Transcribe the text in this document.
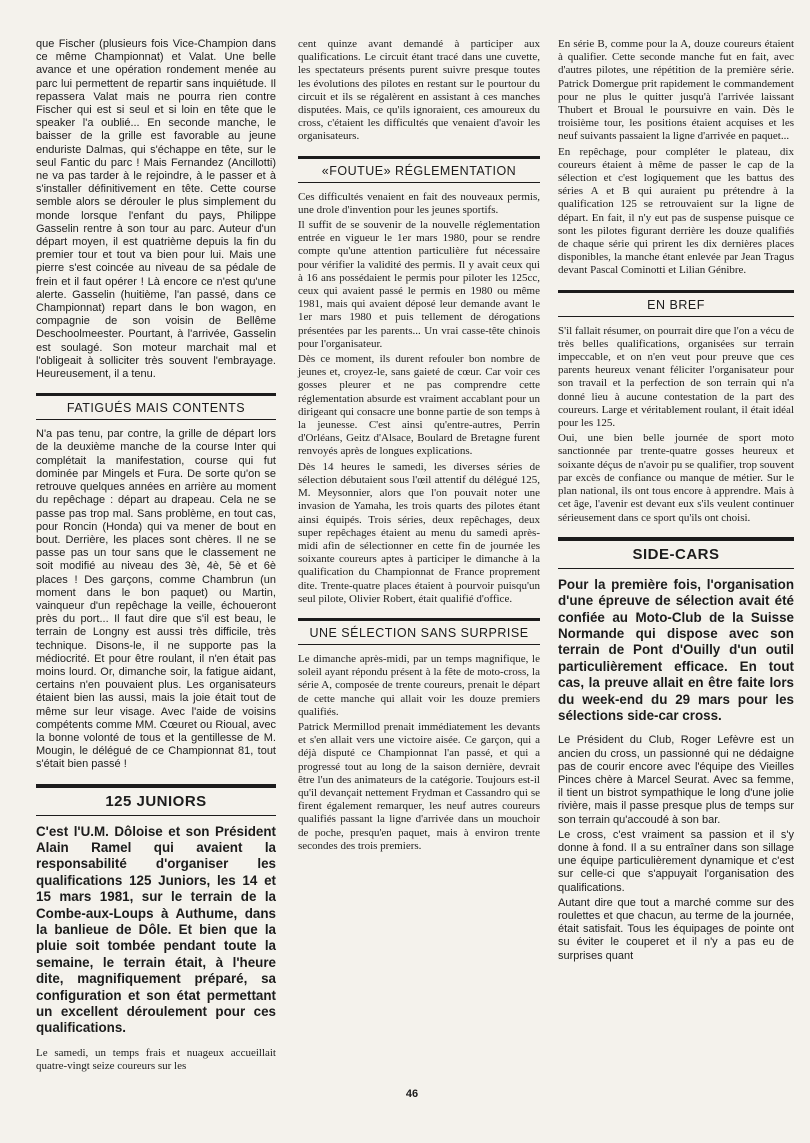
que Fischer (plusieurs fois Vice-Champion dans ce même Championnat) et Valat. Une belle avance et une opération rondement menée au parc lui permettent de repartir sans inquiétude. Il repassera Valat mais ne pourra rien contre Fischer qui est si seul et si loin en tête que le speaker l'a oublié... En seconde manche, le baisser de la grille est favorable au jeune enduriste Dalmas, qui s'échappe en tête, sur le seul Fantic du parc ! Mais Fernandez (Ancillotti) ne va pas tarder à le rejoindre, à le passer et à s'installer définitivement en tête. Cette course semble alors se dérouler le plus simplement du monde lorsque l'enfant du pays, Philippe Gasselin rentre à son tour au parc. Auteur d'un départ moyen, il est quatrième depuis la fin du premier tour et tout va bien pour lui. Mais une pierre s'est coincée au niveau de sa pédale de frein et il faut opérer ! Là encore ce n'est qu'une alerte. Gasselin (huitième, l'an passé, dans ce Championnat) repart dans le bon wagon, en compagnie de son voisin de Bellême Deschoolmeester. Pourtant, à l'arrivée, Gasselin est soulagé. Son moteur marchait mal et l'obligeait à solliciter très souvent l'embrayage. Heureusement, il a tenu.

FATIGUÉS MAIS CONTENTS

N'a pas tenu, par contre, la grille de départ lors de la deuxième manche de la course Inter qui complétait la manifestation, course qui fut dominée par Mingels et Fura. De sorte qu'on se retrouve quelques années en arrière au moment du repêchage : départ au drapeau. Cela ne se passe pas trop mal. Sans problème, en tout cas, pour Roncin (Honda) qui va mener de bout en bout. Derrière, les places sont chères. Il ne se passe pas un tour sans que le classement ne soit modifié au niveau des 3è, 4è, 5è et 6è places ! Des garçons, comme Chambrun (un moment dans le bon paquet) ou Martin, vainqueur d'un repêchage la veille, échoueront près du port... Il faut dire que s'il est beau, le terrain de Longny est aussi très difficile, très technique. Disons-le, il ne supporte pas la médiocrité. Et pour être roulant, il n'en était pas moins lourd. Or, dimanche soir, la fatigue aidant, certains n'en pouvaient plus. Les organisateurs étaient bien las aussi, mais la joie était tout de même sur leur visage. Avec l'aide de voisins compétents comme MM. Cœuret ou Rioual, avec la bonne volonté de tous et la gentillesse de M. Mougin, le délégué de ce Championnat 81, tout s'était bien passé !

125 JUNIORS
C'est l'U.M. Dôloise et son Président Alain Ramel qui avaient la responsabilité d'organiser les qualifications 125 Juniors, les 14 et 15 mars 1981, sur le terrain de la Combe-aux-Loups à Authume, dans la banlieue de Dôle. Et bien que la pluie soit tombée pendant toute la semaine, le terrain était, à l'heure dite, magnifiquement préparé, sa configuration et son état permettant un excellent déroulement pour ces qualifications.

Le samedi, un temps frais et nuageux accueillait quatre-vingt seize coureurs sur les

cent quinze avant demandé à participer aux qualifications. Le circuit étant tracé dans une cuvette, les spectateurs présents purent suivre presque toutes les évolutions des pilotes en restant sur le pourtour du circuit et ils se régalèrent en assistant à ces manches disputées. Mais, ce qu'ils ignoraient, ces amoureux du cross, c'étaient les difficultés que venaient d'avoir les organisateurs.

«FOUTUE» RÉGLEMENTATION

Ces difficultés venaient en fait des nouveaux permis, une drole d'invention pour les jeunes sportifs.

Il suffit de se souvenir de la nouvelle réglementation entrée en vigueur le 1er mars 1980, pour se rendre compte qu'une attention particulière fut nécessaire pour vérifier la validité des permis. Il y avait ceux qui à 16 ans possédaient le permis pour piloter les 125cc, ceux qui avaient passé le permis en 1980 ou même 1981, mais qui avaient déposé leur demande avant le 1er mars 1980 et puis tellement de dérogations présentées par les parents... Un vrai casse-tête chinois pour l'organisateur.

Dès ce moment, ils durent refouler bon nombre de jeunes et, croyez-le, sans gaieté de cœur. Car voir ces gosses pleurer et ne pas comprendre cette réglementation absurde est vraiment accablant pour un dirigeant qui consacre une bonne partie de son temps à la jeunesse. C'est ainsi qu'entre-autres, Perrin d'Orléans, Geitz d'Alsace, Boulard de Bretagne furent renvoyés après de longues explications.

Dès 14 heures le samedi, les diverses séries de sélection débutaient sous l'œil attentif du délégué 125, M. Meysonnier, alors que l'on pouvait noter une invasion de Yamaha, les trois quarts des pilotes étant ainsi équipés. Trois séries, deux repêchages, deux super repêchages étaient au menu du samedi après-midi afin de sélectionner en cette fin de journée les soixante coureurs aptes à participer le dimanche à la qualification du Championnat de France proprement dite. Trente-quatre places étaient à pourvoir puisqu'un seul pilote, Olivier Robert, était qualifié d'office.

UNE SÉLECTION SANS SURPRISE

Le dimanche après-midi, par un temps magnifique, le soleil ayant répondu présent à la fête de moto-cross, la série A, composée de trente coureurs, prenait le départ de cette manche qui allait voir les douze premiers qualifiés.

Patrick Mermillod prenait immédiatement les devants et s'en allait vers une victoire aisée. Ce garçon, qui a déjà disputé ce Championnat l'an passé, et qui a progressé tout au long de la saison dernière, devrait être l'un des animateurs de la catégorie. Toujours est-il qu'il devançait nettement Frydman et Cassandro qui se firent également remarquer, les neuf autres coureurs qualifiés passant la ligne d'arrivée dans un mouchoir de poche, presqu'en paquet, mais à environ trente secondes des trois premiers.

En série B, comme pour la A, douze coureurs étaient à qualifier. Cette seconde manche fut en fait, avec d'autres pilotes, une répétition de la première série. Patrick Domergue prit rapidement le commandement pour ne plus le quitter jusqu'à l'arrivée laissant Thubert et Broual le poursuivre en vain. Dès le troisième tour, les positions étaient acquises et les neuf suivants passaient la ligne d'arrivée en paquet...

En repêchage, pour compléter le plateau, dix coureurs étaient à même de passer le cap de la sélection et c'est logiquement que les battus des séries A et B qui auraient pu prétendre à la qualification 125 se retrouvaient sur la ligne de départ. En fait, il n'y eut pas de suspense puisque ce sont les pilotes figurant derrière les douze qualifiés de chaque série qui prirent les dix dernières places disponibles, la manche étant enlevée par Jean Tragus devant Pascal Cominotti et Lilian Génibre.

EN BREF

S'il fallait résumer, on pourrait dire que l'on a vécu de très belles qualifications, organisées sur terrain impeccable, et on n'en veut pour preuve que ces parents heureux venant féliciter l'organisateur pour son travail et la perfection de son terrain qui n'a donné lieu à aucune contestation de la part des coureurs. Large et véritablement roulant, il était idéal pour les 125.

Oui, une bien belle journée de sport moto sanctionnée par trente-quatre gosses heureux et soixante déçus de n'avoir pu se qualifier, trop souvent par excès de confiance ou manque de métier. Sur le plan national, ils ont tous encore à apprendre. Mais à cet âge, l'avenir est devant eux s'ils veulent continuer sérieusement dans ce sport qu'ils ont choisi.

SIDE-CARS
Pour la première fois, l'organisation d'une épreuve de sélection avait été confiée au Moto-Club de la Suisse Normande qui dispose avec son terrain de Pont d'Ouilly d'un outil particulièrement efficace. En tout cas, la preuve allait en être faite lors du week-end du 29 mars pour les sélections side-car cross.

Le Président du Club, Roger Lefèvre est un ancien du cross, un passionné qui ne dédaigne pas de courir encore avec l'équipe des Vieilles Pinces chère à Marcel Seurat. Avec sa femme, il tient un bistrot sympathique le long d'une jolie rivière, mais il passe presque plus de temps sur son terrain qu'accoudé à son bar.

Le cross, c'est vraiment sa passion et il s'y donne à fond. Il a su entraîner dans son sillage une équipe particulièrement dynamique et c'est sur celle-ci que s'appuyait l'organisation des qualifications.

Autant dire que tout a marché comme sur des roulettes et que chacun, au terme de la journée, était satisfait. Tous les équipages de pointe ont su éviter le couperet et il n'y a pas eu de surprises quant

46
